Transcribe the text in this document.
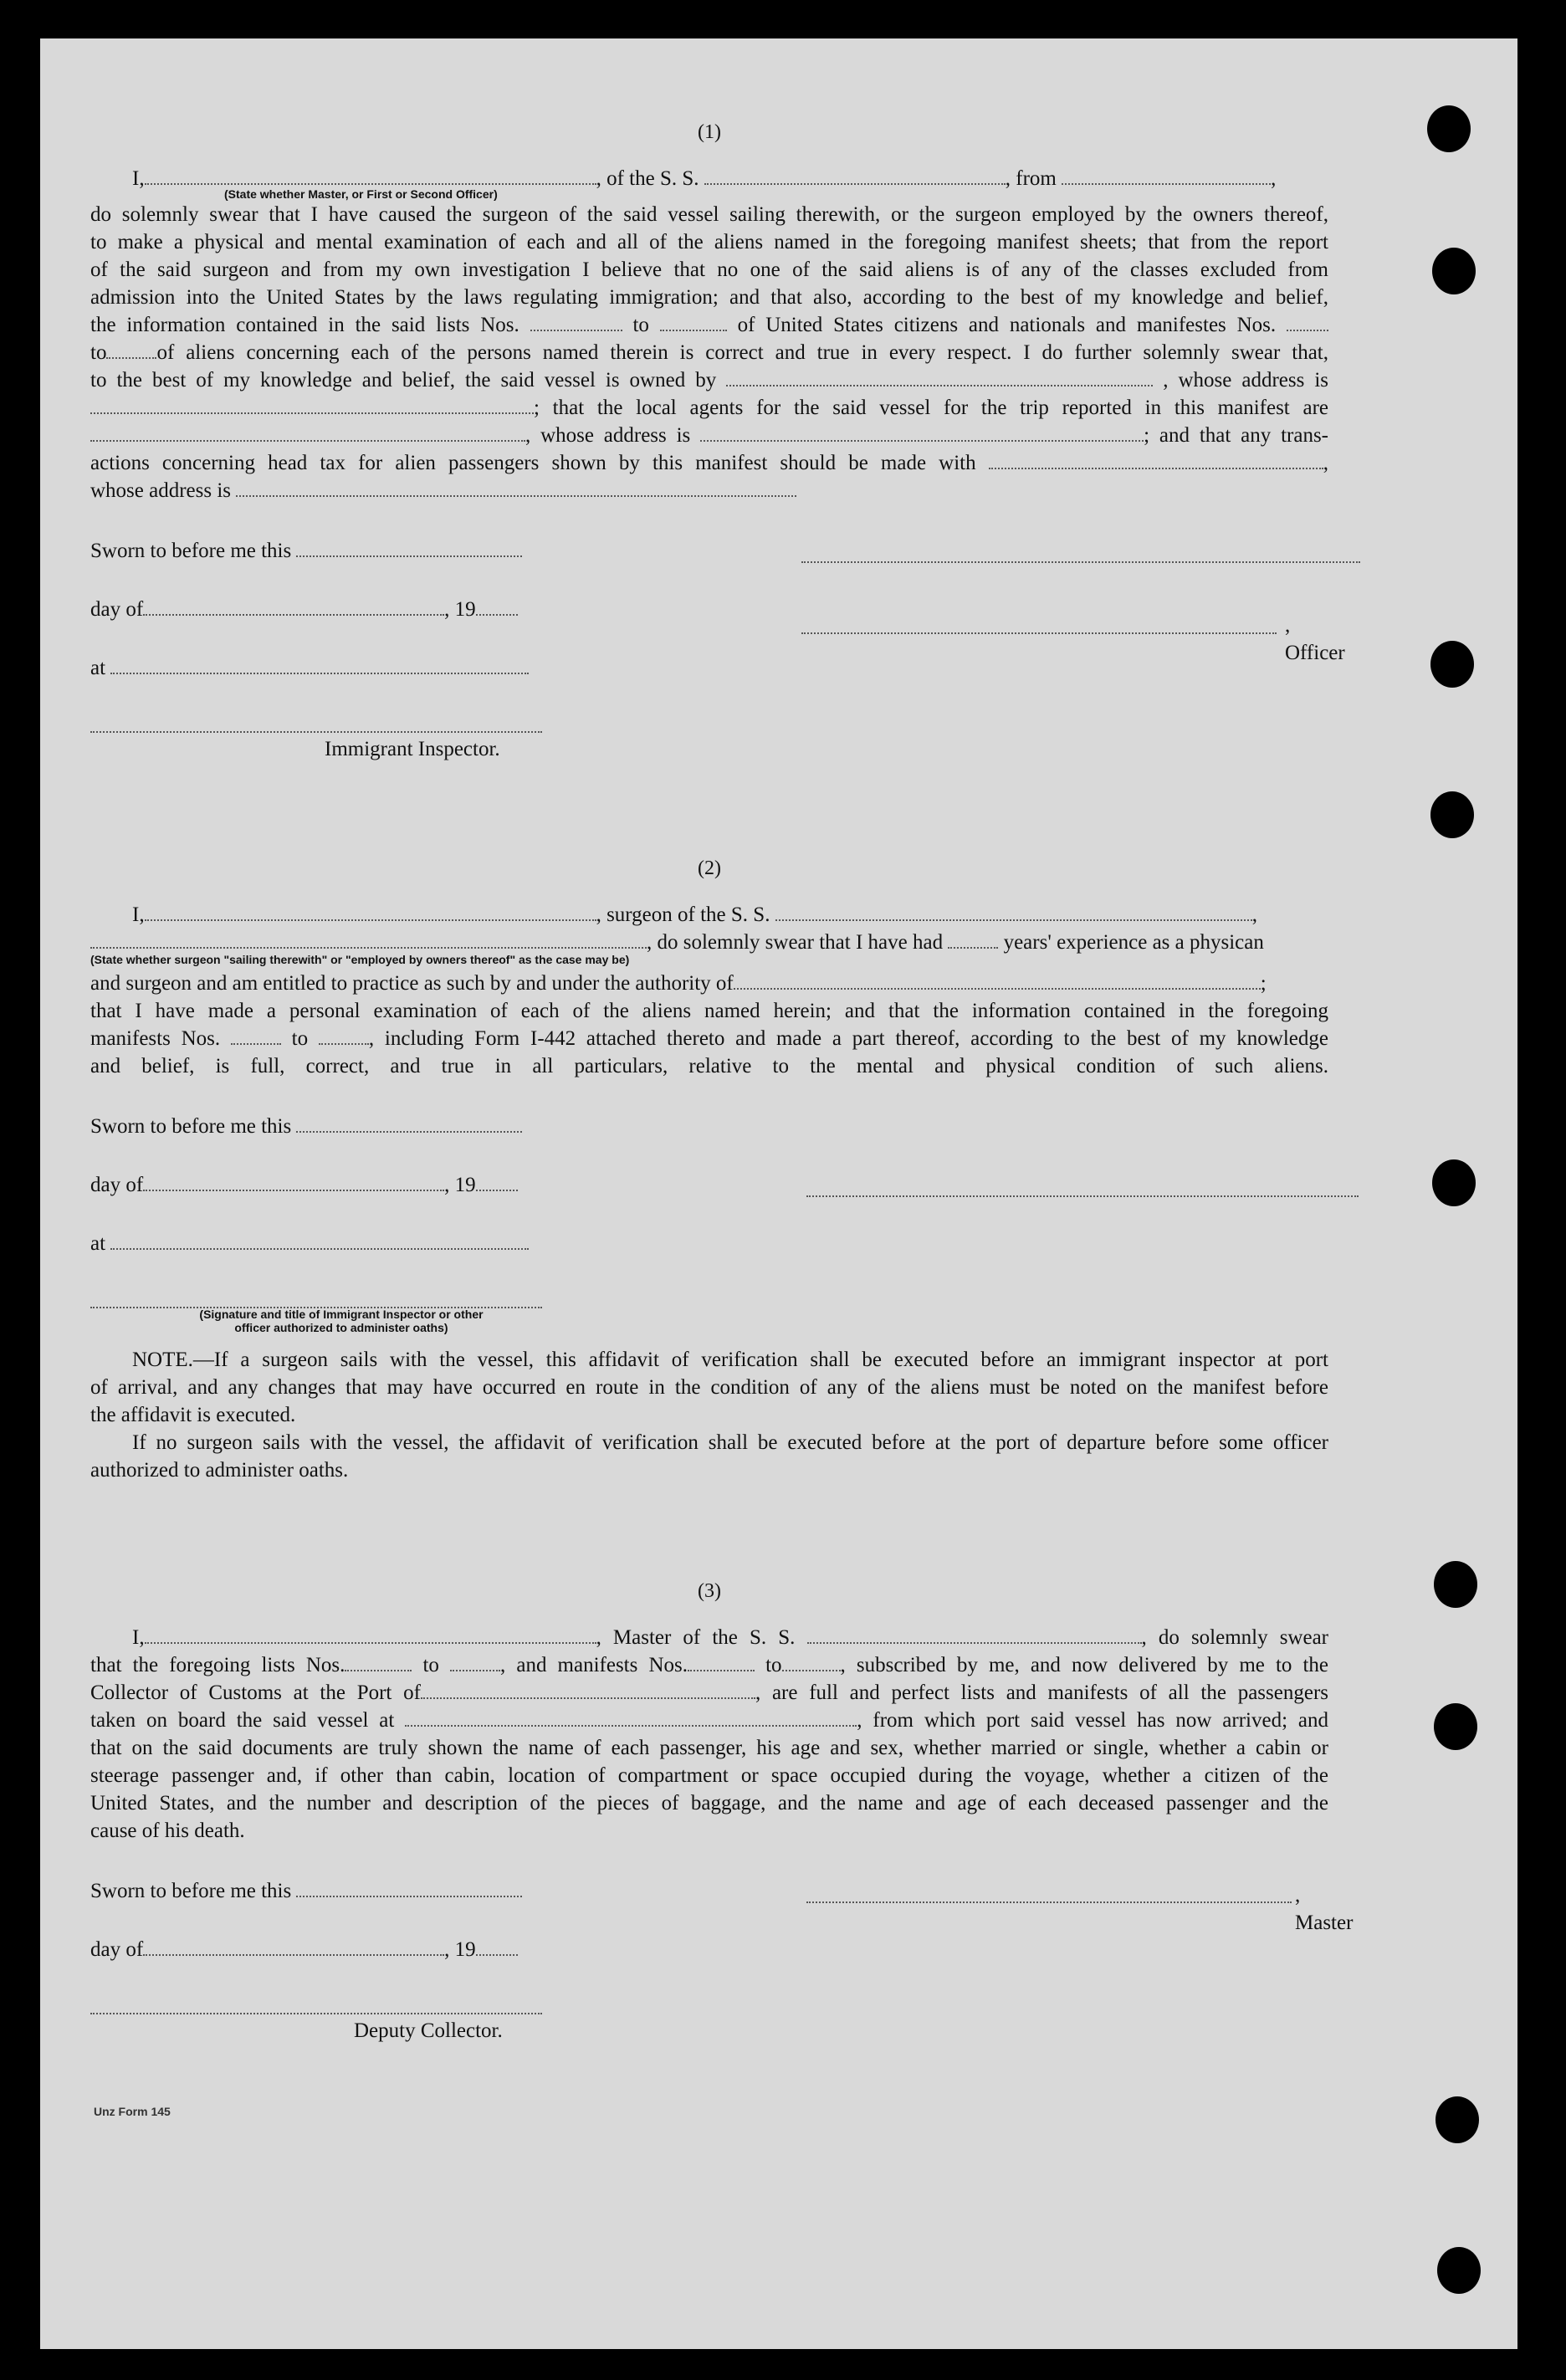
(1)
I,	, of the S. S.	, from	,
(State whether Master, or First or Second Officer)
do solemnly swear that I have caused the surgeon of the said vessel sailing therewith, or the surgeon employed by the owners thereof,
to make a physical and mental examination of each and all of the aliens named in the foregoing manifest sheets; that from the report
of the said surgeon and from my own investigation I believe that no one of the said aliens is of any of the classes excluded from
admission into the United States by the laws regulating immigration; and that also, according to the best of my knowledge and belief,
the information contained in the said lists Nos.	to	of United States citizens and nationals and manifestes Nos.
to of aliens concerning each of the persons named therein is correct and true in every respect. I do further solemnly swear that,
to the best of my knowledge and belief, the said vessel is owned by	, whose address is
; that the local agents for the said vessel for the trip reported in this manifest are
, whose address is	; and that any trans-
actions concerning head tax for alien passengers shown by this manifest should be made with	,
whose address is
Sworn to before me this
day of	, 19
at
Immigrant Inspector.
, Officer
(2)
I,	, surgeon of the S. S.	,
, do solemnly swear that I have had	years' experience as a physican
(State whether surgeon "sailing therewith" or "employed by owners thereof" as the case may be)
and surgeon and am entitled to practice as such by and under the authority of	;
that I have made a personal examination of each of the aliens named herein; and that the information contained in the foregoing
manifests Nos.	to	, including Form I-442 attached thereto and made a part thereof, according to the best of my knowledge
and belief, is full, correct, and true in all particulars, relative to the mental and physical condition of such aliens.
Sworn to before me this
day of	, 19
at
(Signature and title of Immigrant Inspector or other
officer authorized to administer oaths)
NOTE.—If a surgeon sails with the vessel, this affidavit of verification shall be executed before an immigrant inspector at port
of arrival, and any changes that may have occurred en route in the condition of any of the aliens must be noted on the manifest before
the affidavit is executed.
If no surgeon sails with the vessel, the affidavit of verification shall be executed before at the port of departure before some officer
authorized to administer oaths.
(3)
I,	, Master of the S. S.	, do solemnly swear
that the foregoing lists Nos.	to	, and manifests Nos.	to	, subscribed by me, and now delivered by me to the
Collector of Customs at the Port of	, are full and perfect lists and manifests of all the passengers
taken on board the said vessel at	, from which port said vessel has now arrived; and
that on the said documents are truly shown the name of each passenger, his age and sex, whether married or single, whether a cabin or
steerage passenger and, if other than cabin, location of compartment or space occupied during the voyage, whether a citizen of the
United States, and the number and description of the pieces of baggage, and the name and age of each deceased passenger and the
cause of his death.
Sworn to before me this
day of	, 19
Deputy Collector.
, Master
Unz Form 145
